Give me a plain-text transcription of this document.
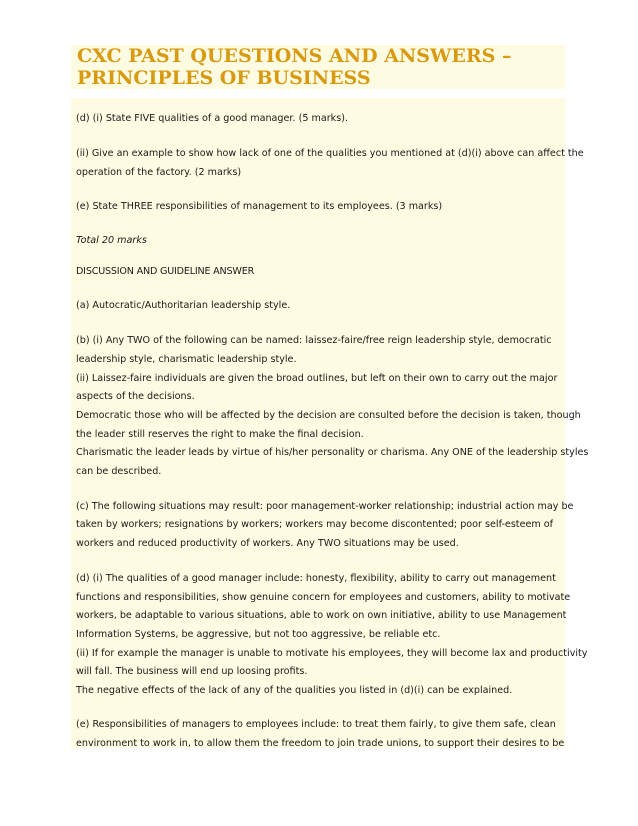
CXC PAST QUESTIONS AND ANSWERS –
PRINCIPLES OF BUSINESS

(d) (i) State FIVE qualities of a good manager. (5 marks).

(ii) Give an example to show how lack of one of the qualities you mentioned at (d)(i) above can affect the

operation of the factory. (2 marks)

(e) State THREE responsibilities of management to its employees. (3 marks)

Total 20 marks

DISCUSSION AND GUIDELINE ANSWER

(a) Autocratic/Authoritarian leadership style.

(b) (i) Any TWO of the following can be named: laissez-faire/free reign leadership style, democratic

leadership style, charismatic leadership style.

(ii) Laissez-faire individuals are given the broad outlines, but left on their own to carry out the major

aspects of the decisions.

Democratic those who will be affected by the decision are consulted before the decision is taken, though

the leader still reserves the right to make the final decision.

Charismatic the leader leads by virtue of his/her personality or charisma. Any ONE of the leadership styles

can be described.

(c) The following situations may result: poor management-worker relationship; industrial action may be

taken by workers; resignations by workers; workers may become discontented; poor self-esteem of

workers and reduced productivity of workers. Any TWO situations may be used.

(d) (i) The qualities of a good manager include: honesty, flexibility, ability to carry out management

functions and responsibilities, show genuine concern for employees and customers, ability to motivate

workers, be adaptable to various situations, able to work on own initiative, ability to use Management

Information Systems, be aggressive, but not too aggressive, be reliable etc.

(ii) If for example the manager is unable to motivate his employees, they will become lax and productivity

will fall. The business will end up loosing profits.

The negative effects of the lack of any of the qualities you listed in (d)(i) can be explained.

(e) Responsibilities of managers to employees include: to treat them fairly, to give them safe, clean

environment to work in, to allow them the freedom to join trade unions, to support their desires to be
